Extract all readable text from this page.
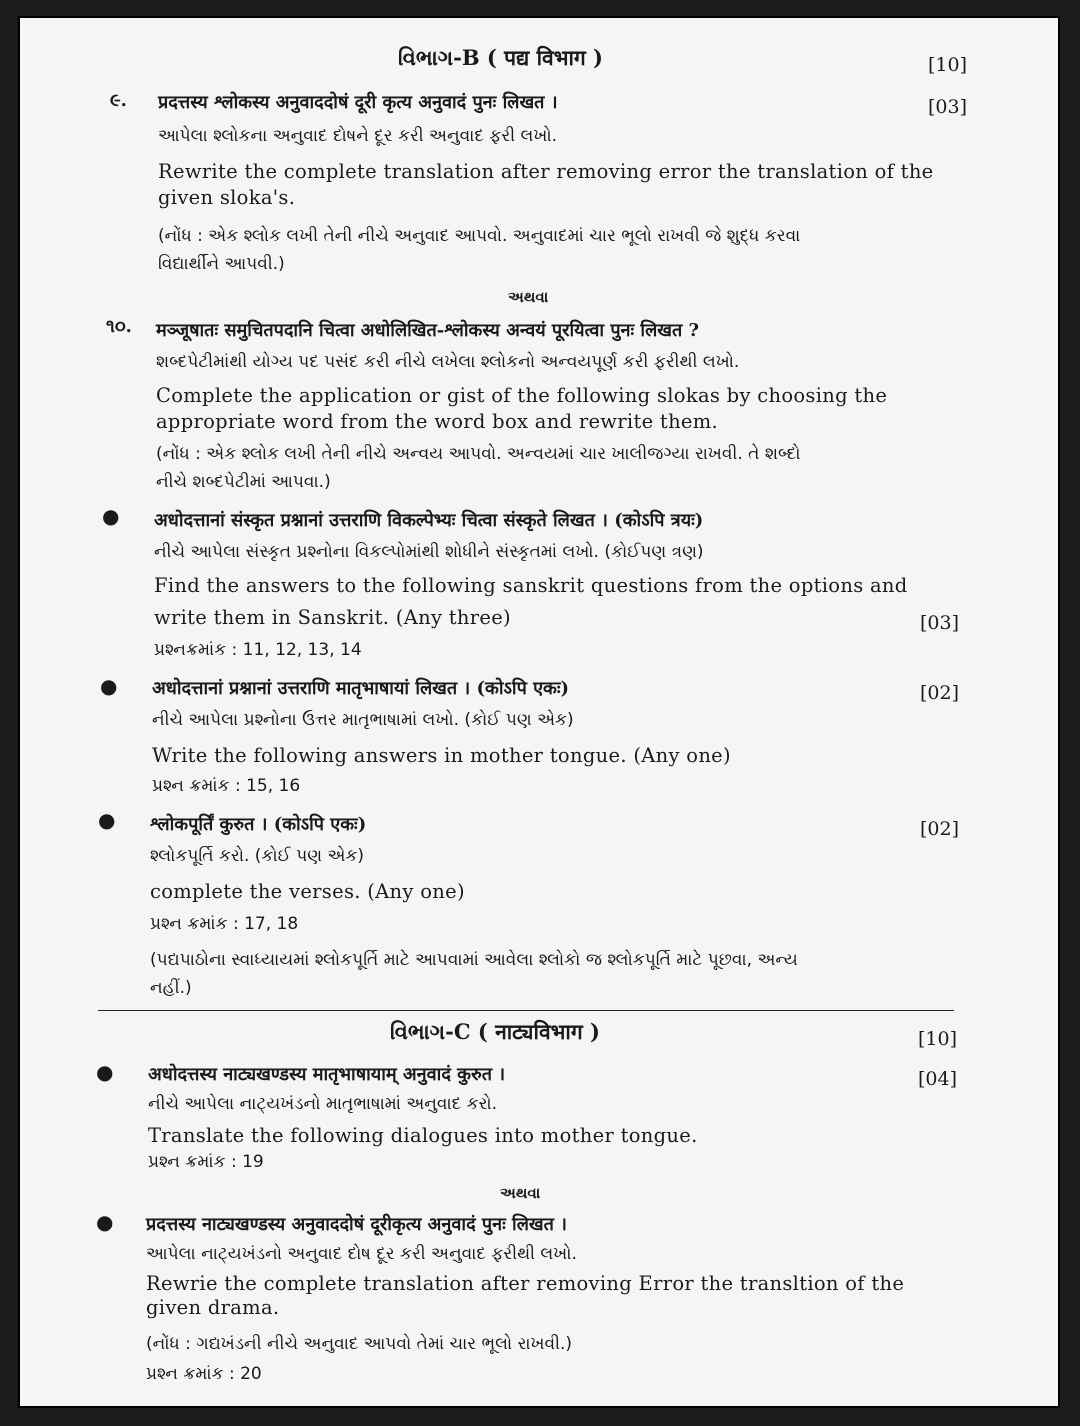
વિભાગ-B ( पद्य विभाग )	[10]
૯. प्रदत्तस्य श्लोकस्य अनुवाददोषं दूरी कृत्य अनुवादं पुनः लिखत ।	[03]
આપેલા શ્લોકના અનુવાદ દોષને દૂર કરી અનુવાદ ફરી લખો.
Rewrite the complete translation after removing error the translation of the
given sloka's.
(નોંધ : એક શ્લોક લખી તેની નીચે અનુવાદ આપવો. અનુવાદમાં ચાર ભૂલો રાખવી જે શુદ્ધ કરવા
વિદ્યાર્થીને આપવી.)
અથવા
૧૦. मञ्जूषातः समुचितपदानि चित्वा अधोलिखित-श्लोकस्य अन्वयं पूरयित्वा पुनः लिखत ?
શબ્દપેટીમાંથી યોગ્ય પદ પસંદ કરી નીચે લખેલા શ્લોકનો અન્વયપૂર્ણ કરી ફરીથી લખો.
Complete the application or gist of the following slokas by choosing the
appropriate word from the word box and rewrite them.
(નોંધ : એક શ્લોક લખી તેની નીચે અન્વય આપવો. અન્વયમાં ચાર ખાલીજગ્યા રાખવી. તે શબ્દો
નીચે શબ્દપેટીમાં આપવા.)
● अधोदत्तानां संस्कृत प्रश्नानां उत्तराणि विकल्पेभ्यः चित्वा संस्कृते लिखत । (कोऽपि त्रयः)
નીચે આપેલા સંસ્કૃત પ્રશ્નોના વિકલ્પોમાંથી શોધીને સંસ્કૃતમાં લખો. (કોઈપણ ત્રણ)
Find the answers to the following sanskrit questions from the options and
write them in Sanskrit. (Any three)	[03]
પ્રશ્નક્રમાંક : 11, 12, 13, 14
● अधोदत्तानां प्रश्नानां उत्तराणि मातृभाषायां लिखत । (कोऽपि एकः)	[02]
નીચે આપેલા પ્રશ્નોના ઉત્તર માતૃભાષામાં લખો. (કોઈ પણ એક)
Write the following answers in mother tongue. (Any one)
પ્રશ્ન ક્રમાંક : 15, 16
● श्लोकपूर्तिं कुरुत । (कोऽपि एकः)	[02]
શ્લોકપૂર્તિ કરો. (કોઈ પણ એક)
complete the verses. (Any one)
પ્રશ્ન ક્રમાંક : 17, 18
(પદ્યપાઠોના સ્વાધ્યાયમાં શ્લોકપૂર્તિ માટે આપવામાં આવેલા શ્લોકો જ શ્લોકપૂર્તિ માટે પૂછવા, અન્ય
નહીં.)
વિભાગ-C ( नाट्यविभाग )	[10]
● अधोदत्तस्य नाट्यखण्डस्य मातृभाषायाम् अनुवादं कुरुत ।	[04]
નીચે આપેલા નાટ્યખંડનો માતૃભાષામાં અનુવાદ કરો.
Translate the following dialogues into mother tongue.
પ્રશ્ન ક્રમાંક : 19
અથવા
● प्रदत्तस्य नाट्यखण्डस्य अनुवाददोषं दूरीकृत्य अनुवादं पुनः लिखत ।
આપેલા નાટ્યખંડનો અનુવાદ દોષ દૂર કરી અનુવાદ ફરીથી લખો.
Rewrie the complete translation after removing Error the transltion of the
given drama.
(નોંધ : ગદ્યખંડની નીચે અનુવાદ આપવો તેમાં ચાર ભૂલો રાખવી.)
પ્રશ્ન ક્રમાંક : 20
